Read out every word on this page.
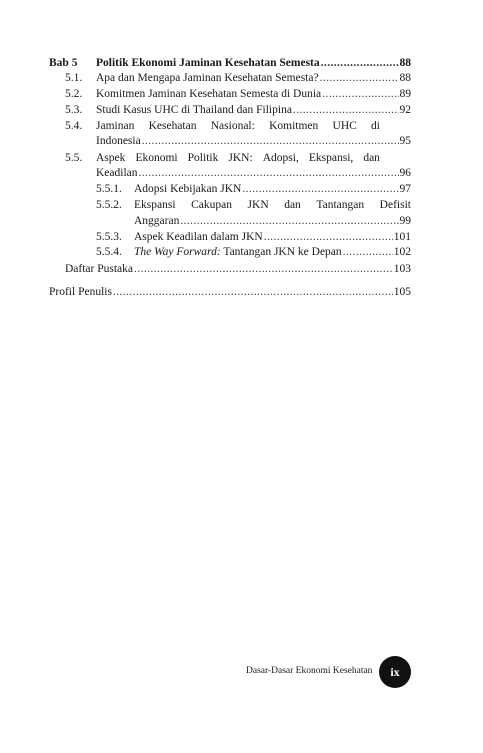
Bab 5	Politik Ekonomi Jaminan Kesehatan Semesta .....	88
5.1.	Apa dan Mengapa Jaminan Kesehatan Semesta? .....	88
5.2.	Komitmen Jaminan Kesehatan Semesta di Dunia .....	89
5.3.	Studi Kasus UHC di Thailand dan Filipina .....	92
5.4. Jaminan Kesehatan Nasional: Komitmen UHC di
Indonesia .....	95
5.5. Aspek Ekonomi Politik JKN: Adopsi, Ekspansi, dan
Keadilan .....	96
5.5.1.	Adopsi Kebijakan JKN .....	97
5.5.2. Ekspansi Cakupan JKN dan Tantangan Defisit
Anggaran .....	99
5.5.3.	Aspek Keadilan dalam JKN .....	101
5.5.4.	The Way Forward: Tantangan JKN ke Depan .....	102
Daftar Pustaka .....	103
Profil Penulis .....	105
Dasar-Dasar Ekonomi Kesehatan	ix
